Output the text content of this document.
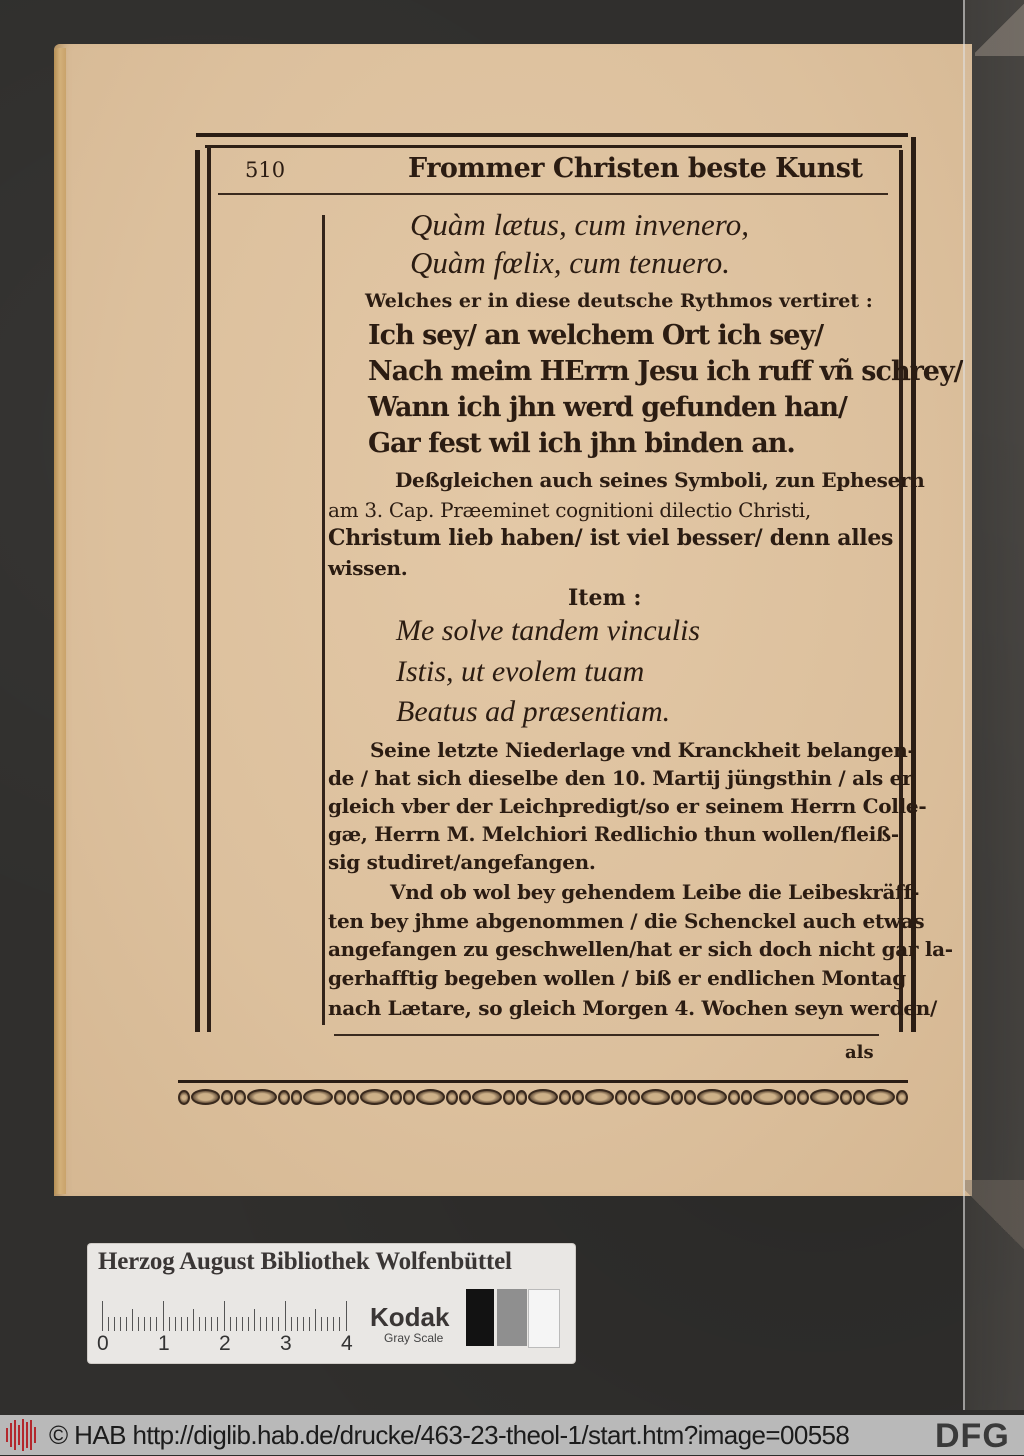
510	Frommer Christen beste Kunst
Quàm lætus, cum invenero,
Quàm fœlix, cum tenuero.
Welches er in diese deutsche Rythmos vertiret :
Ich sey/ an welchem Ort ich sey/
Nach meim HErrn Jesu ich ruff vñ schrey/
Wann ich jhn werd gefunden han/
Gar fest wil ich jhn binden an.
Deßgleichen auch seines Symboli, zun Ephesern
am 3. Cap. Præeminet cognitioni dilectio Christi,
Christum lieb haben/ ist viel besser/ denn alles
wissen.
Item :
Me solve tandem vinculis
Istis, ut evolem tuam
Beatus ad præsentiam.
Seine letzte Niederlage vnd Kranckheit belangen-
de / hat sich dieselbe den 10. Martij jüngsthin / als er
gleich vber der Leichpredigt/so er seinem Herrn Colle-
gæ, Herrn M. Melchiori Redlichio thun wollen/fleiß-
sig studiret/angefangen.
Vnd ob wol bey gehendem Leibe die Leibeskräff-
ten bey jhme abgenommen / die Schenckel auch etwas
angefangen zu geschwellen/hat er sich doch nicht gar la-
gerhafftig begeben wollen / biß er endlichen Montag
nach Lætare, so gleich Morgen 4. Wochen seyn werden/
als
Herzog August Bibliothek Wolfenbüttel
0 1 2 3 4
Kodak
Gray Scale
© HAB http://diglib.hab.de/drucke/463-23-theol-1/start.htm?image=00558	DFG
